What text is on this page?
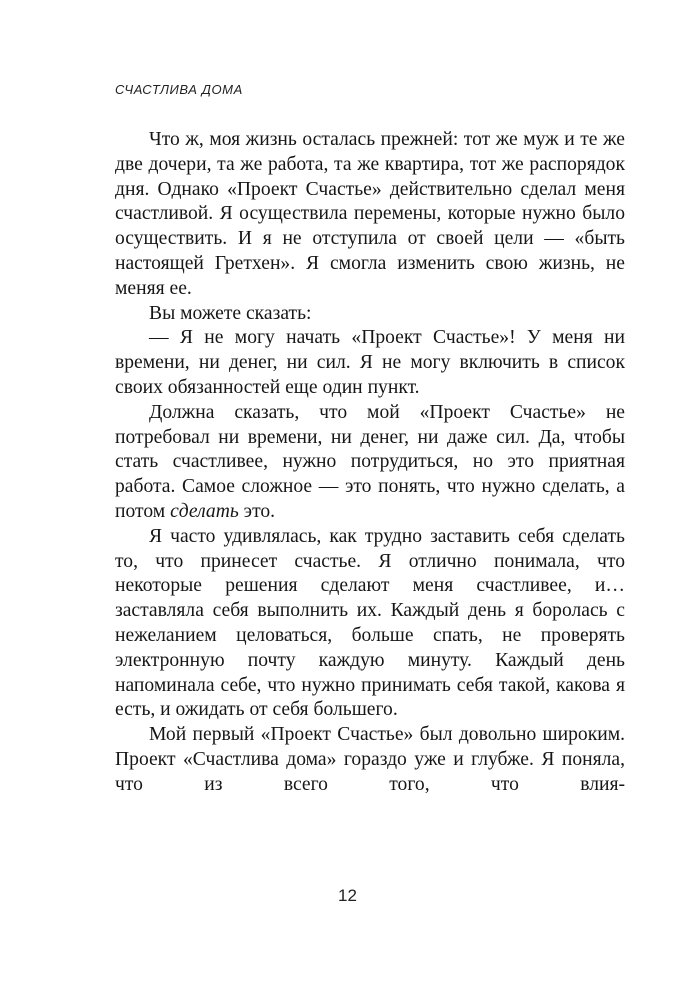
СЧАСТЛИВА ДОМА

Что ж, моя жизнь осталась прежней: тот же муж и те же две дочери, та же работа, та же квартира, тот же распорядок дня. Однако «Проект Счастье» действительно сделал меня счастливой. Я осуществила перемены, которые нужно было осуществить. И я не отступила от своей цели — «быть настоящей Гретхен». Я смогла изменить свою жизнь, не меняя ее.

Вы можете сказать:

— Я не могу начать «Проект Счастье»! У меня ни времени, ни денег, ни сил. Я не могу включить в список своих обязанностей еще один пункт.

Должна сказать, что мой «Проект Счастье» не потребовал ни времени, ни денег, ни даже сил. Да, чтобы стать счастливее, нужно потрудиться, но это приятная работа. Самое сложное — это понять, что нужно сделать, а потом сделать это.

Я часто удивлялась, как трудно заставить себя сделать то, что принесет счастье. Я отлично понимала, что некоторые решения сделают меня счастливее, и… заставляла себя выполнить их. Каждый день я боролась с нежеланием целоваться, больше спать, не проверять электронную почту каждую минуту. Каждый день напоминала себе, что нужно принимать себя такой, какова я есть, и ожидать от себя большего.

Мой первый «Проект Счастье» был довольно широким. Проект «Счастлива дома» гораздо уже и глубже. Я поняла, что из всего того, что влия-

12
